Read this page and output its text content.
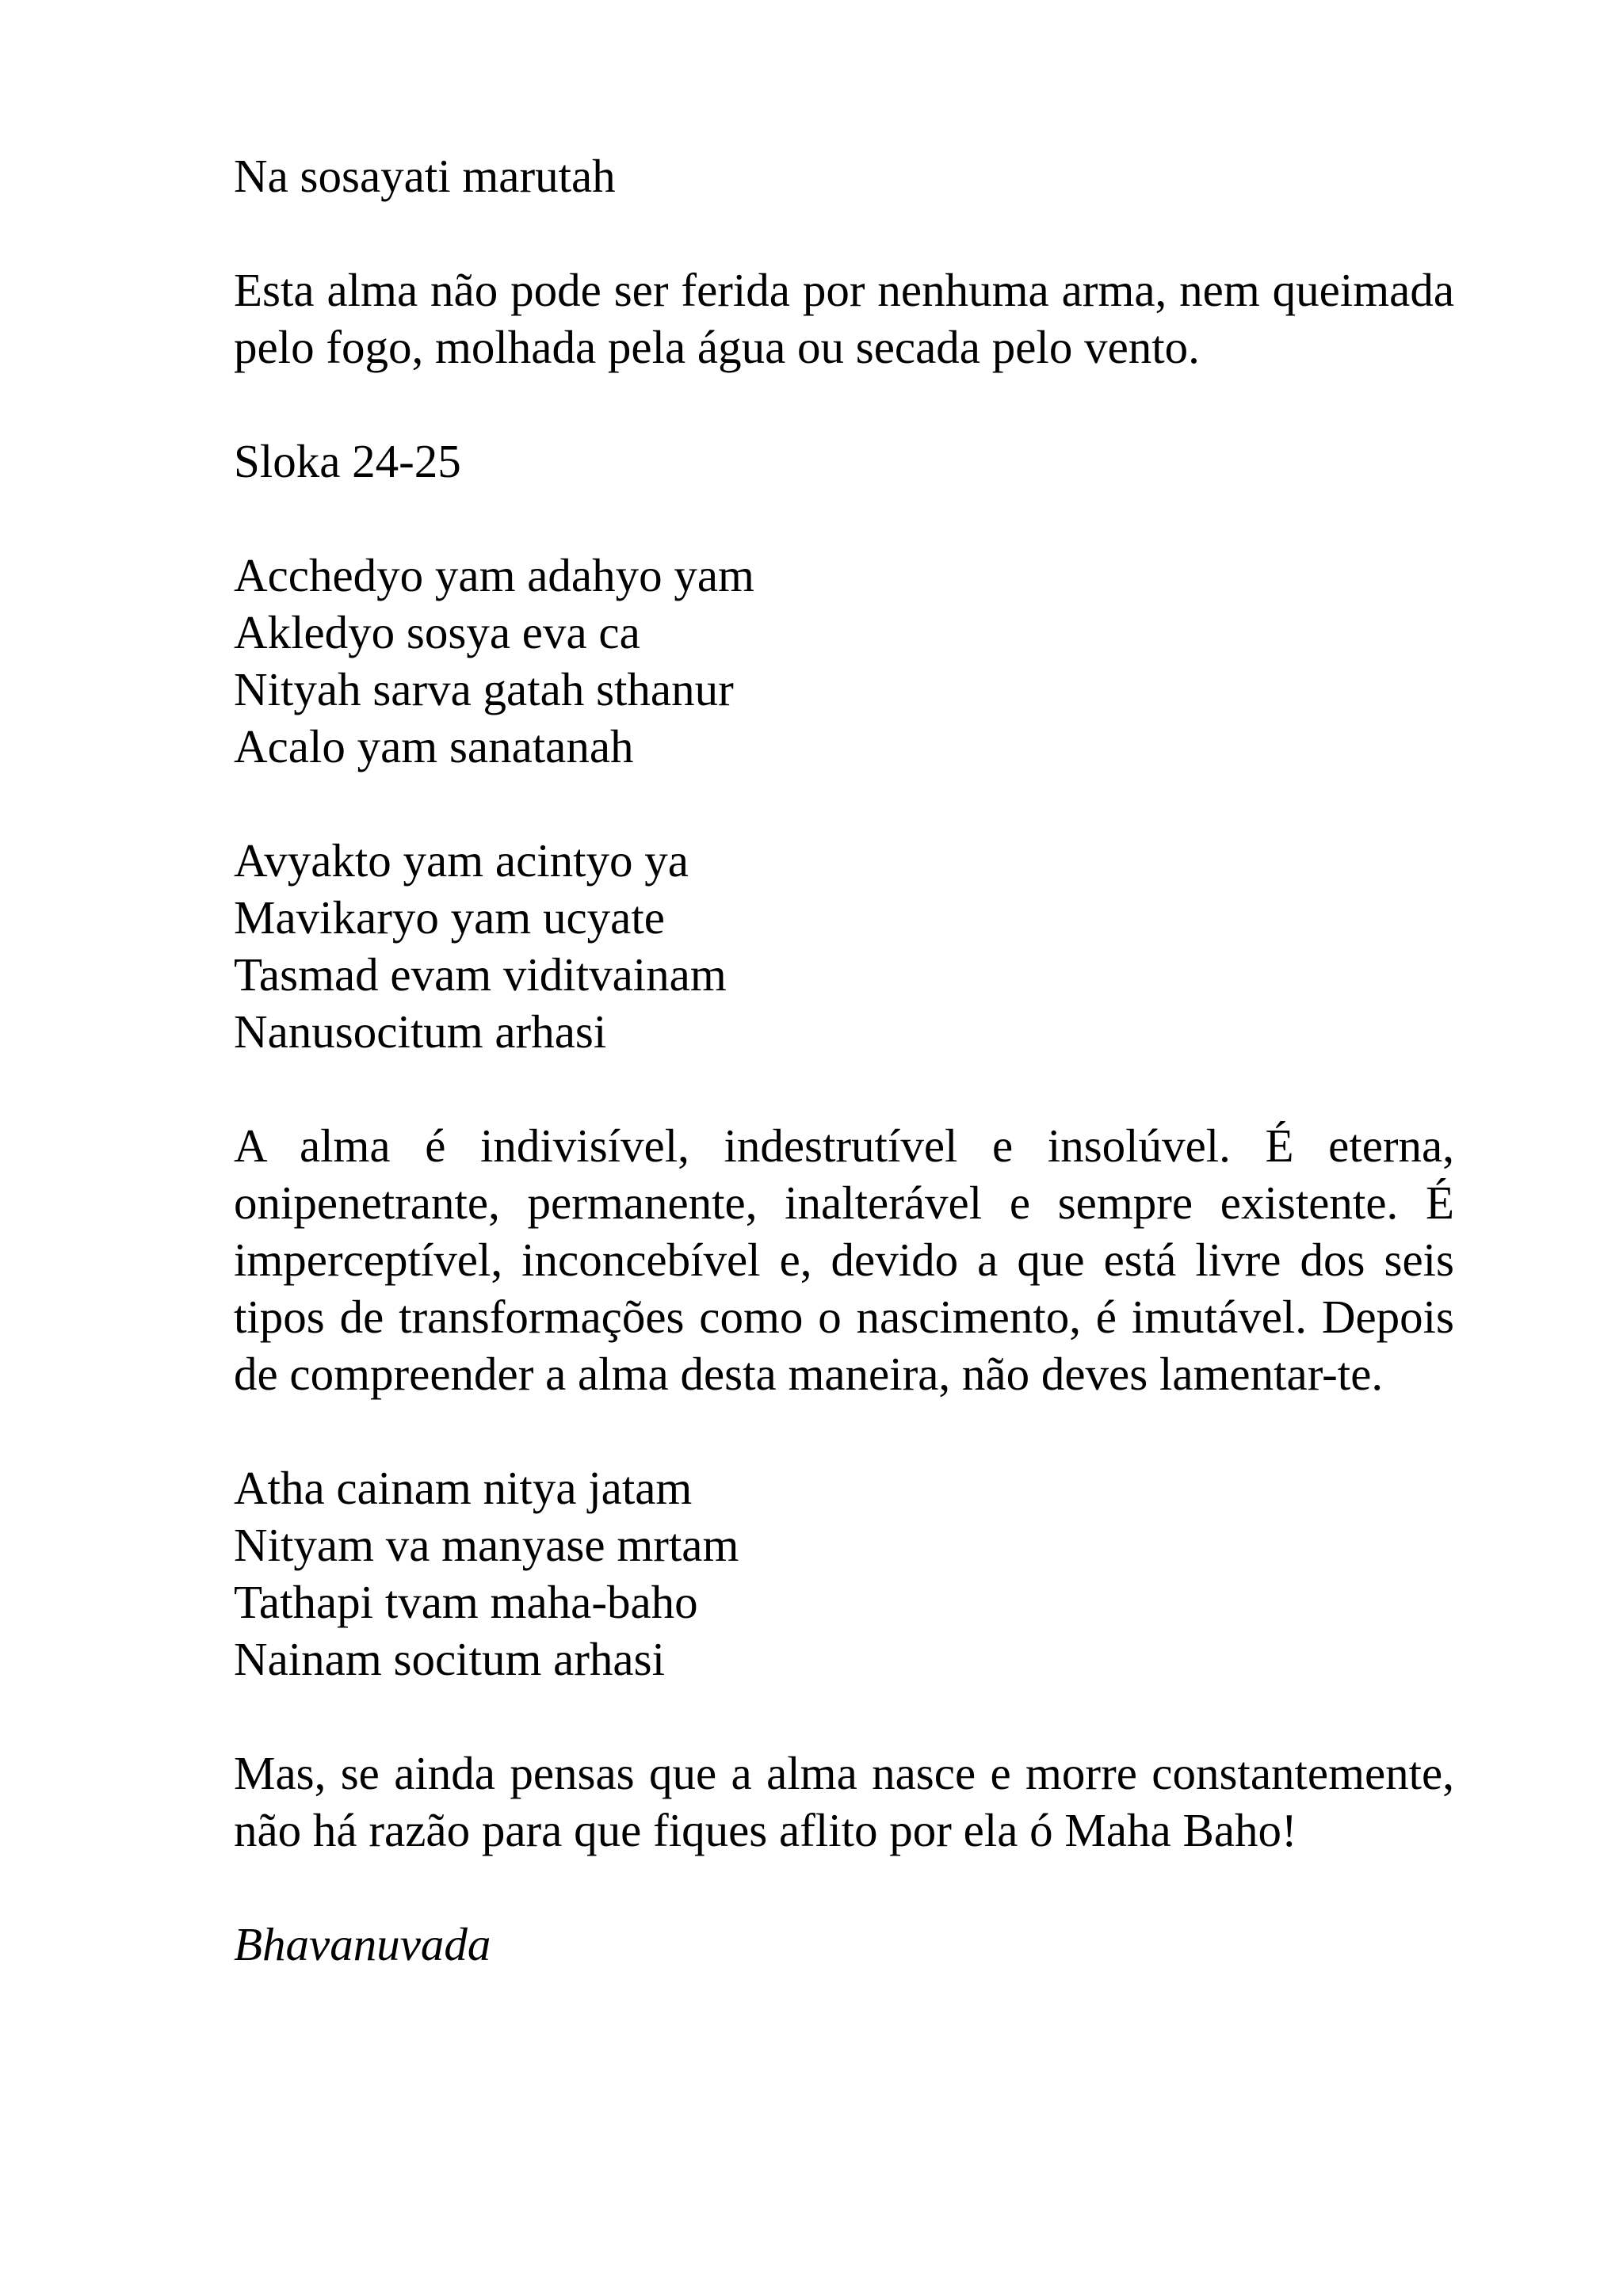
Na sosayati marutah

Esta alma não pode ser ferida por nenhuma arma, nem queimada pelo fogo, molhada pela água ou secada pelo vento.

Sloka 24-25

Acchedyo yam adahyo yam
Akledyo sosya eva ca
Nityah sarva gatah sthanur
Acalo yam sanatanah
Avyakto yam acintyo ya
Mavikaryo yam ucyate
Tasmad evam viditvainam
Nanusocitum arhasi

A alma é indivisível, indestrutível e insolúvel. É eterna, onipenetrante, permanente, inalterável e sempre existente. É imperceptível, inconcebível e, devido a que está livre dos seis tipos de transformações como o nascimento, é imutável. Depois de compreender a alma desta maneira, não deves lamentar-te.

Atha cainam nitya jatam
Nityam va manyase mrtam
Tathapi tvam maha-baho
Nainam socitum arhasi

Mas, se ainda pensas que a alma nasce e morre constantemente, não há razão para que fiques aflito por ela ó Maha Baho!

Bhavanuvada
